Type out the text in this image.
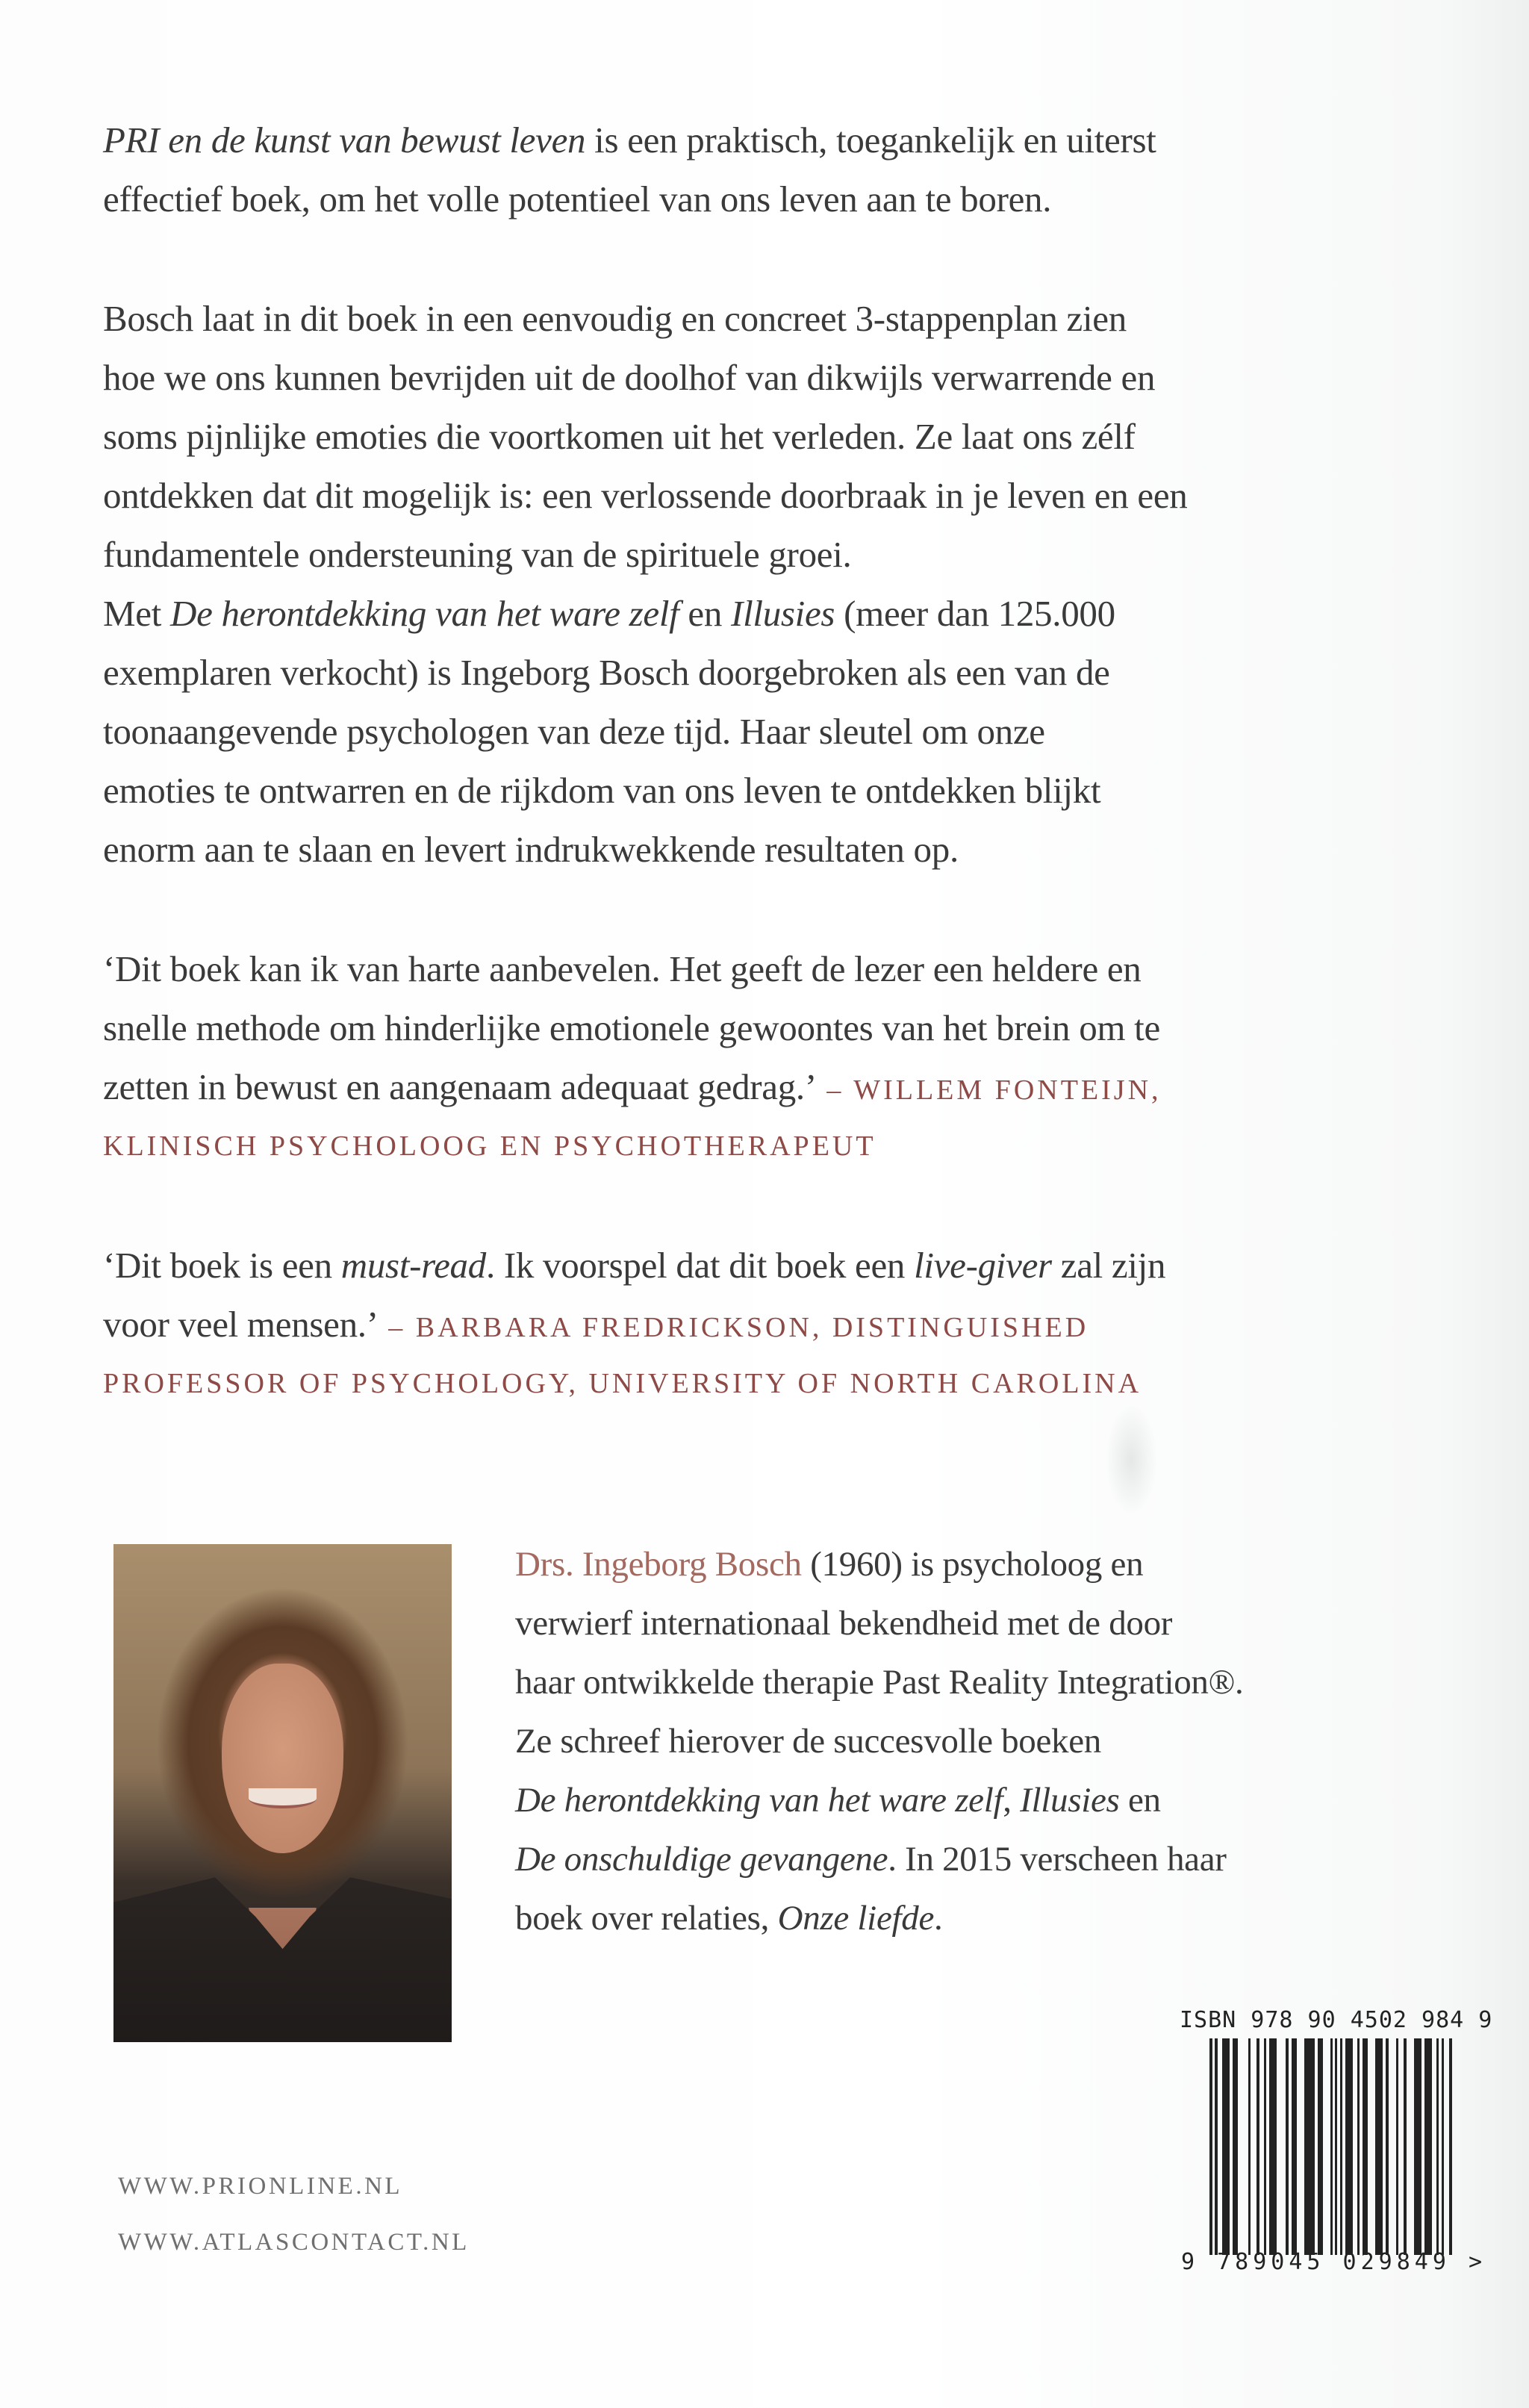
PRI en de kunst van bewust leven is een praktisch, toegankelijk en uiterst
effectief boek, om het volle potentieel van ons leven aan te boren.
Bosch laat in dit boek in een eenvoudig en concreet 3-stappenplan zien
hoe we ons kunnen bevrijden uit de doolhof van dikwijls verwarrende en
soms pijnlijke emoties die voortkomen uit het verleden. Ze laat ons zélf
ontdekken dat dit mogelijk is: een verlossende doorbraak in je leven en een
fundamentele ondersteuning van de spirituele groei.
Met De herontdekking van het ware zelf en Illusies (meer dan 125.000
exemplaren verkocht) is Ingeborg Bosch doorgebroken als een van de
toonaangevende psychologen van deze tijd. Haar sleutel om onze
emoties te ontwarren en de rijkdom van ons leven te ontdekken blijkt
enorm aan te slaan en levert indrukwekkende resultaten op.
‘Dit boek kan ik van harte aanbevelen. Het geeft de lezer een heldere en
snelle methode om hinderlijke emotionele gewoontes van het brein om te
zetten in bewust en aangenaam adequaat gedrag.’ – WILLEM FONTEIJN,
KLINISCH PSYCHOLOOG EN PSYCHOTHERAPEUT
‘Dit boek is een must-read. Ik voorspel dat dit boek een live-giver zal zijn
voor veel mensen.’ – BARBARA FREDRICKSON, DISTINGUISHED
PROFESSOR OF PSYCHOLOGY, UNIVERSITY OF NORTH CAROLINA
Drs. Ingeborg Bosch (1960) is psycholoog en
verwierf internationaal bekendheid met de door
haar ontwikkelde therapie Past Reality Integration®.
Ze schreef hierover de succesvolle boeken
De herontdekking van het ware zelf, Illusies en
De onschuldige gevangene. In 2015 verscheen haar
boek over relaties, Onze liefde.
WWW.PRIONLINE.NL
WWW.ATLASCONTACT.NL
ISBN 978 90 4502 984 9
9 789045 029849 >
